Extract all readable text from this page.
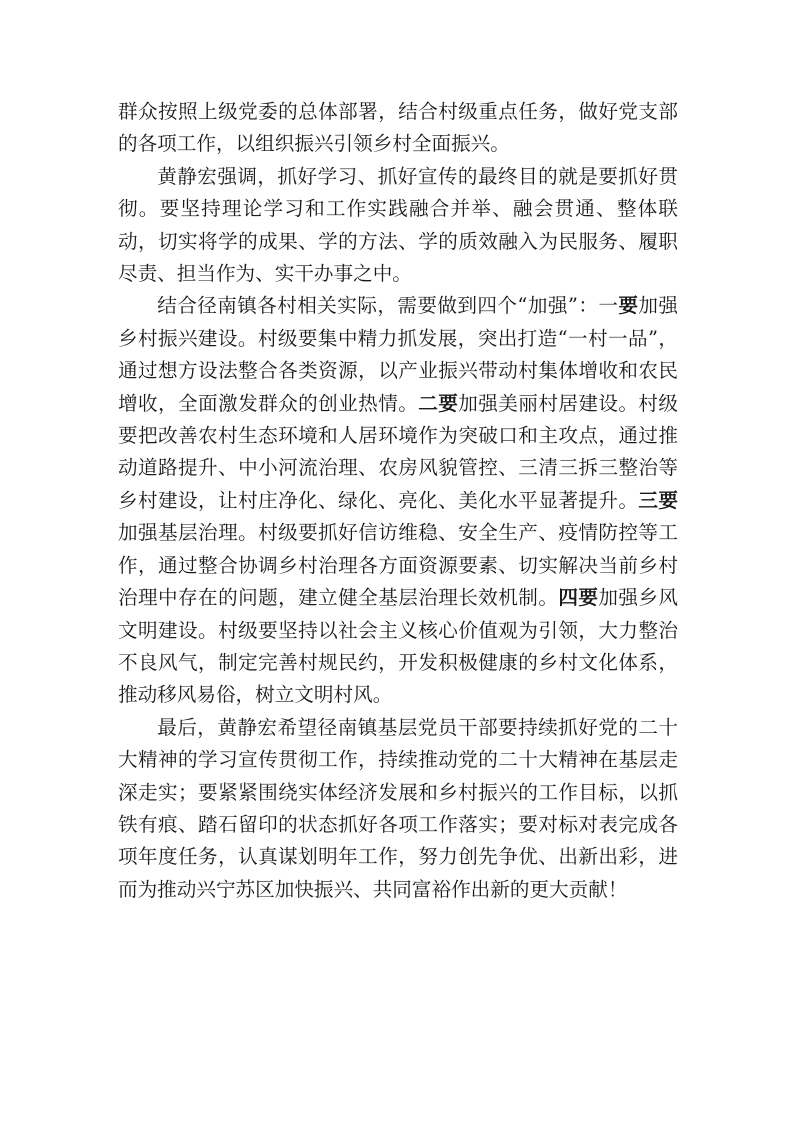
群众按照上级党委的总体部署，结合村级重点任务，做好党支部的各项工作，以组织振兴引领乡村全面振兴。

黄静宏强调，抓好学习、抓好宣传的最终目的就是要抓好贯彻。要坚持理论学习和工作实践融合并举、融会贯通、整体联动，切实将学的成果、学的方法、学的质效融入为民服务、履职尽责、担当作为、实干办事之中。

结合径南镇各村相关实际，需要做到四个“加强”：一要加强乡村振兴建设。村级要集中精力抓发展，突出打造“一村一品”，通过想方设法整合各类资源，以产业振兴带动村集体增收和农民增收，全面激发群众的创业热情。二要加强美丽村居建设。村级要把改善农村生态环境和人居环境作为突破口和主攻点，通过推动道路提升、中小河流治理、农房风貌管控、三清三拆三整治等乡村建设，让村庄净化、绿化、亮化、美化水平显著提升。三要加强基层治理。村级要抓好信访维稳、安全生产、疫情防控等工作，通过整合协调乡村治理各方面资源要素、切实解决当前乡村治理中存在的问题，建立健全基层治理长效机制。四要加强乡风文明建设。村级要坚持以社会主义核心价值观为引领，大力整治不良风气，制定完善村规民约，开发积极健康的乡村文化体系，推动移风易俗，树立文明村风。

最后，黄静宏希望径南镇基层党员干部要持续抓好党的二十大精神的学习宣传贯彻工作，持续推动党的二十大精神在基层走深走实；要紧紧围绕实体经济发展和乡村振兴的工作目标，以抓铁有痕、踏石留印的状态抓好各项工作落实；要对标对表完成各项年度任务，认真谋划明年工作，努力创先争优、出新出彩，进而为推动兴宁苏区加快振兴、共同富裕作出新的更大贡献！
